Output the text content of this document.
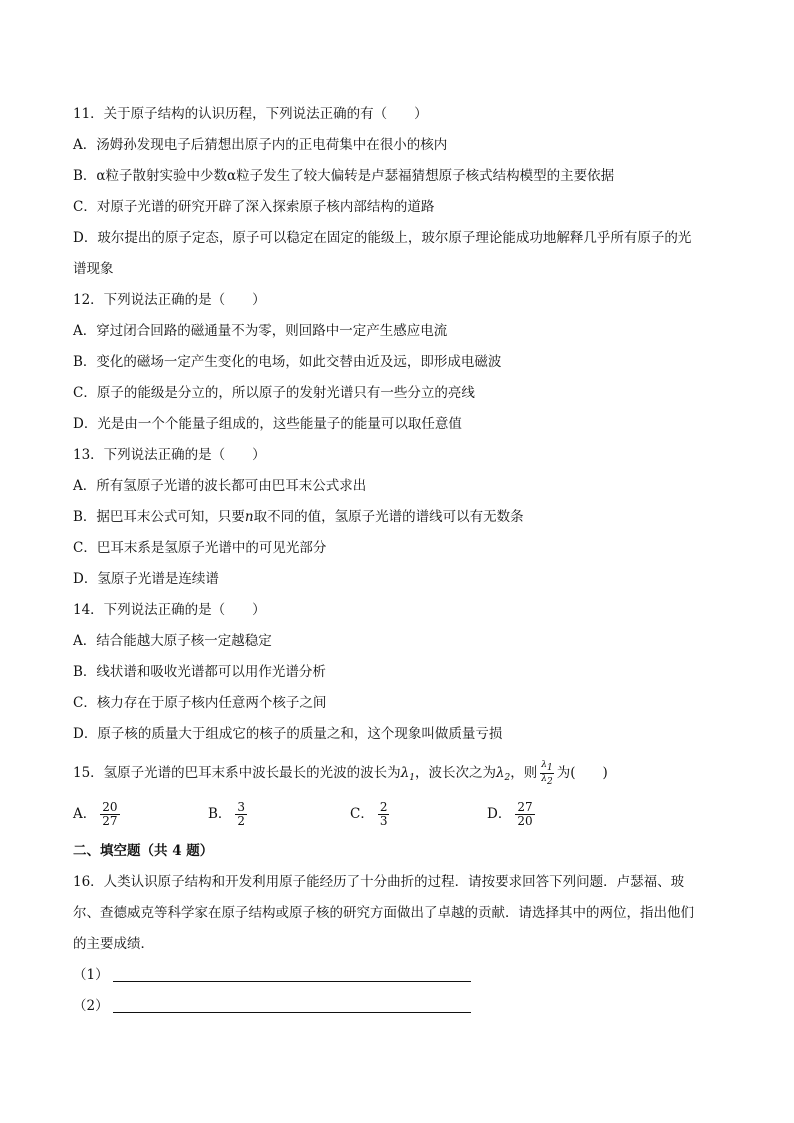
11．关于原子结构的认识历程，下列说法正确的有（　　）
A．汤姆孙发现电子后猜想出原子内的正电荷集中在很小的核内
B．α粒子散射实验中少数α粒子发生了较大偏转是卢瑟福猜想原子核式结构模型的主要依据
C．对原子光谱的研究开辟了深入探索原子核内部结构的道路
D．玻尔提出的原子定态，原子可以稳定在固定的能级上，玻尔原子理论能成功地解释几乎所有原子的光
谱现象
12．下列说法正确的是（　　）
A．穿过闭合回路的磁通量不为零，则回路中一定产生感应电流
B．变化的磁场一定产生变化的电场，如此交替由近及远，即形成电磁波
C．原子的能级是分立的，所以原子的发射光谱只有一些分立的亮线
D．光是由一个个能量子组成的，这些能量子的能量可以取任意值
13．下列说法正确的是（　　）
A．所有氢原子光谱的波长都可由巴耳末公式求出
B．据巴耳末公式可知，只要n取不同的值，氢原子光谱的谱线可以有无数条
C．巴耳末系是氢原子光谱中的可见光部分
D．氢原子光谱是连续谱
14．下列说法正确的是（　　）
A．结合能越大原子核一定越稳定
B．线状谱和吸收光谱都可以用作光谱分析
C．核力存在于原子核内任意两个核子之间
D．原子核的质量大于组成它的核子的质量之和，这个现象叫做质量亏损
15．氢原子光谱的巴耳末系中波长最长的光波的波长为$\lambda_1$，波长次之为$\lambda_2$，则 $\frac{\lambda 1}{\lambda 2}$ 为(　　)
A． $\frac{20}{27}$	B． $\frac{3}{2}$	C． $\frac{2}{3}$	D． $\frac{27}{20}$
二、填空题（共 4 题）
16．人类认识原子结构和开发利用原子能经历了十分曲折的过程．请按要求回答下列问题．卢瑟福、玻
尔、查德威克等科学家在原子结构或原子核的研究方面做出了卓越的贡献．请选择其中的两位，指出他们
的主要成绩．
（1）
（2）
